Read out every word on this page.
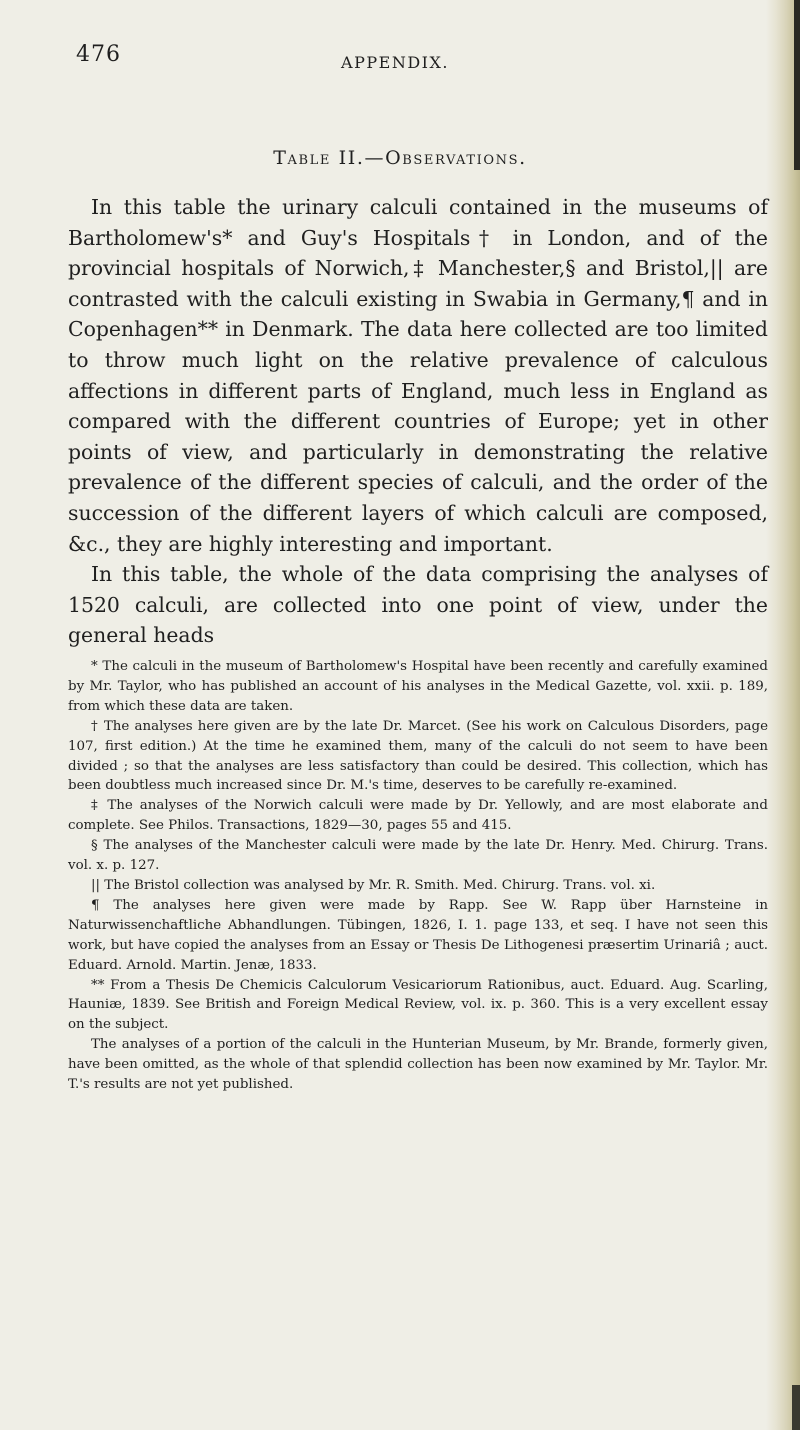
476	APPENDIX.
Table II.—Observations.

In this table the urinary calculi contained in the museums of Bartholomew's* and Guy's Hospitals† in London, and of the provincial hospitals of Norwich,‡ Manchester,§ and Bristol,|| are contrasted with the calculi existing in Swabia in Germany,¶ and in Copenhagen** in Denmark. The data here collected are too limited to throw much light on the relative prevalence of calculous affections in different parts of England, much less in England as compared with the different countries of Europe; yet in other points of view, and particularly in demonstrating the relative prevalence of the different species of calculi, and the order of the succession of the different layers of which calculi are composed, &c., they are highly interesting and important.

In this table, the whole of the data comprising the analyses of 1520 calculi, are collected into one point of view, under the general heads

* The calculi in the museum of Bartholomew's Hospital have been recently and carefully examined by Mr. Taylor, who has published an account of his analyses in the Medical Gazette, vol. xxii. p. 189, from which these data are taken.

† The analyses here given are by the late Dr. Marcet. (See his work on Calculous Disorders, page 107, first edition.) At the time he examined them, many of the calculi do not seem to have been divided ; so that the analyses are less satisfactory than could be desired. This collection, which has been doubtless much increased since Dr. M.'s time, deserves to be carefully re-examined.

‡ The analyses of the Norwich calculi were made by Dr. Yellowly, and are most elaborate and complete. See Philos. Transactions, 1829—30, pages 55 and 415.

§ The analyses of the Manchester calculi were made by the late Dr. Henry. Med. Chirurg. Trans. vol. x. p. 127.

|| The Bristol collection was analysed by Mr. R. Smith. Med. Chirurg. Trans. vol. xi.

¶ The analyses here given were made by Rapp. See W. Rapp über Harnsteine in Naturwissenchaftliche Abhandlungen. Tübingen, 1826, I. 1. page 133, et seq. I have not seen this work, but have copied the analyses from an Essay or Thesis De Lithogenesi præsertim Urinariâ ; auct. Eduard. Arnold. Martin. Jenæ, 1833.

** From a Thesis De Chemicis Calculorum Vesicariorum Rationibus, auct. Eduard. Aug. Scarling, Hauniæ, 1839. See British and Foreign Medical Review, vol. ix. p. 360. This is a very excellent essay on the subject.

The analyses of a portion of the calculi in the Hunterian Museum, by Mr. Brande, formerly given, have been omitted, as the whole of that splendid collection has been now examined by Mr. Taylor. Mr. T.'s results are not yet published.
